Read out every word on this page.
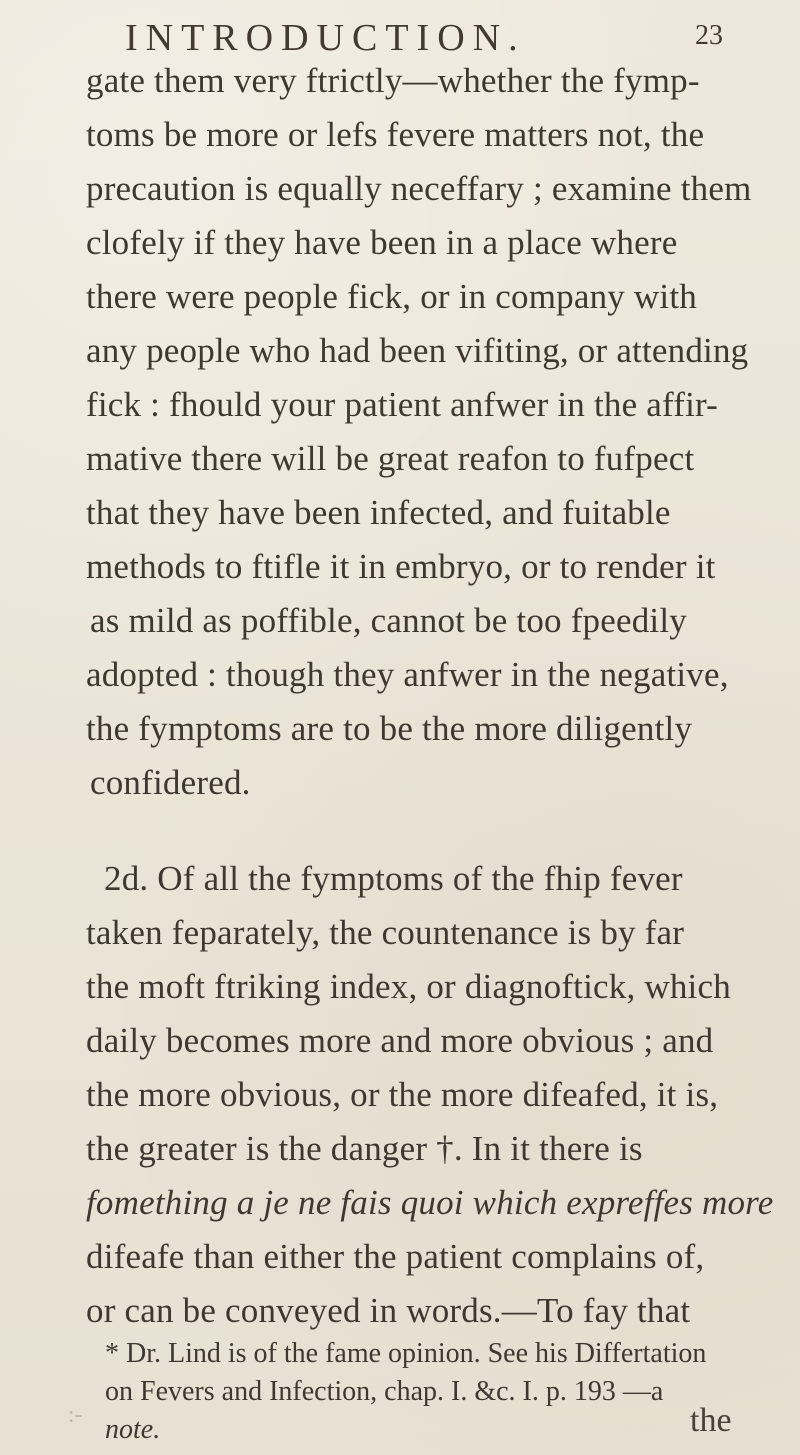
INTRODUCTION.	23
gate them very ftrictly—whether the fymp-
toms be more or lefs fevere matters not, the
precaution is equally neceffary ; examine them
clofely if they have been in a place where
there were people fick, or in company with
any people who had been vifiting, or attending
fick : fhould your patient anfwer in the affir-
mative there will be great reafon to fufpect
that they have been infected, and fuitable
methods to ftifle it in embryo, or to render it
as mild as poffible, cannot be too fpeedily
adopted : though they anfwer in the negative,
the fymptoms are to be the more diligently
confidered.
2d. Of all the fymptoms of the fhip fever
taken feparately, the countenance is by far
the moft ftriking index, or diagnoftick, which
daily becomes more and more obvious ; and
the more obvious, or the more difeafed, it is,
the greater is the danger †. In it there is
fomething a je ne fais quoi which expreffes more
difeafe than either the patient complains of,
or can be conveyed in words.—To fay that
* Dr. Lind is of the fame opinion. See his Differtation
on Fevers and Infection, chap. I. &c. I. p. 193 —a
note.
:-	the
